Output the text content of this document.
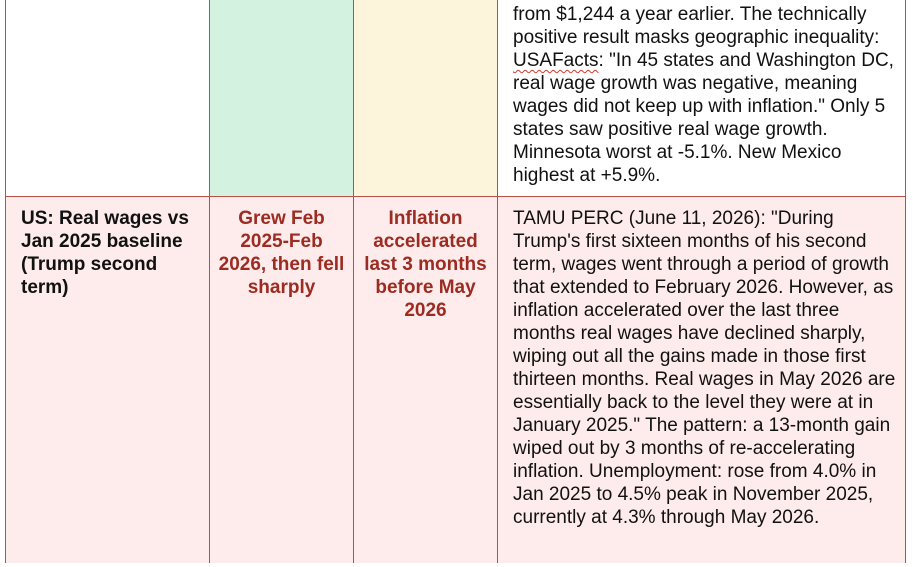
from $1,244 a year earlier. The technically positive result masks geographic inequality: USAFacts: "In 45 states and Washington DC, real wage growth was negative, meaning wages did not keep up with inflation." Only 5 states saw positive real wage growth. Minnesota worst at -5.1%. New Mexico highest at +5.9%.
US: Real wages vs Jan 2025 baseline (Trump second term)
Grew Feb 2025-Feb 2026, then fell sharply
Inflation accelerated last 3 months before May 2026
TAMU PERC (June 11, 2026): "During Trump's first sixteen months of his second term, wages went through a period of growth that extended to February 2026. However, as inflation accelerated over the last three months real wages have declined sharply, wiping out all the gains made in those first thirteen months. Real wages in May 2026 are essentially back to the level they were at in January 2025." The pattern: a 13-month gain wiped out by 3 months of re-accelerating inflation. Unemployment: rose from 4.0% in Jan 2025 to 4.5% peak in November 2025, currently at 4.3% through May 2026.
